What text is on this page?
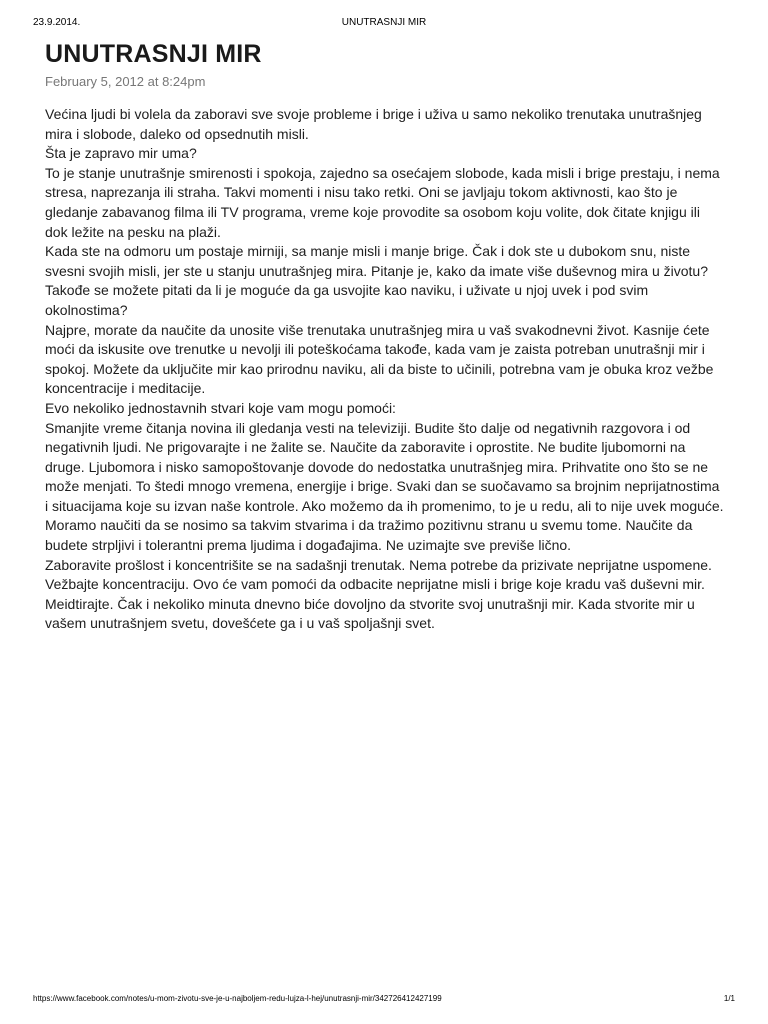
23.9.2014.	UNUTRASNJI MIR
UNUTRASNJI MIR
February 5, 2012 at 8:24pm

Većina ljudi bi volela da zaboravi sve svoje probleme i brige i uživa u samo nekoliko trenutaka unutrašnjeg mira i slobode, daleko od opsednutih misli.

Šta je zapravo mir uma?

To je stanje unutrašnje smirenosti i spokoja, zajedno sa osećajem slobode, kada misli i brige prestaju, i nema stresa, naprezanja ili straha. Takvi momenti i nisu tako retki. Oni se javljaju tokom aktivnosti, kao što je gledanje zabavanog filma ili TV programa, vreme koje provodite sa osobom koju volite, dok čitate knjigu ili dok ležite na pesku na plaži.

Kada ste na odmoru um postaje mirniji, sa manje misli i manje brige. Čak i dok ste u dubokom snu, niste svesni svojih misli, jer ste u stanju unutrašnjeg mira. Pitanje je, kako da imate više duševnog mira u životu? Takođe se možete pitati da li je moguće da ga usvojite kao naviku, i uživate u njoj uvek i pod svim okolnostima?

Najpre, morate da naučite da unosite više trenutaka unutrašnjeg mira u vaš svakodnevni život. Kasnije ćete moći da iskusite ove trenutke u nevolji ili poteškoćama takođe, kada vam je zaista potreban unutrašnji mir i spokoj. Možete da uključite mir kao prirodnu naviku, ali da biste to učinili, potrebna vam je obuka kroz vežbe koncentracije i meditacije.

Evo nekoliko jednostavnih stvari koje vam mogu pomoći:

Smanjite vreme čitanja novina ili gledanja vesti na televiziji. Budite što dalje od negativnih razgovora i od negativnih ljudi. Ne prigovarajte i ne žalite se. Naučite da zaboravite i oprostite. Ne budite ljubomorni na druge. Ljubomora i nisko samopoštovanje dovode do nedostatka unutrašnjeg mira. Prihvatite ono što se ne može menjati. To štedi mnogo vremena, energije i brige. Svaki dan se suočavamo sa brojnim neprijatnostima i situacijama koje su izvan naše kontrole. Ako možemo da ih promenimo, to je u redu, ali to nije uvek moguće. Moramo naučiti da se nosimo sa takvim stvarima i da tražimo pozitivnu stranu u svemu tome. Naučite da budete strpljivi i tolerantni prema ljudima i događajima. Ne uzimajte sve previše lično.

Zaboravite prošlost i koncentrišite se na sadašnji trenutak. Nema potrebe da prizivate neprijatne uspomene. Vežbajte koncentraciju. Ovo će vam pomoći da odbacite neprijatne misli i brige koje kradu vaš duševni mir. Meidtirajte. Čak i nekoliko minuta dnevno biće dovoljno da stvorite svoj unutrašnji mir. Kada stvorite mir u vašem unutrašnjem svetu, dovešćete ga i u vaš spoljašnji svet.

https://www.facebook.com/notes/u-mom-zivotu-sve-je-u-najboljem-redu-lujza-l-hej/unutrasnji-mir/342726412427199	1/1
